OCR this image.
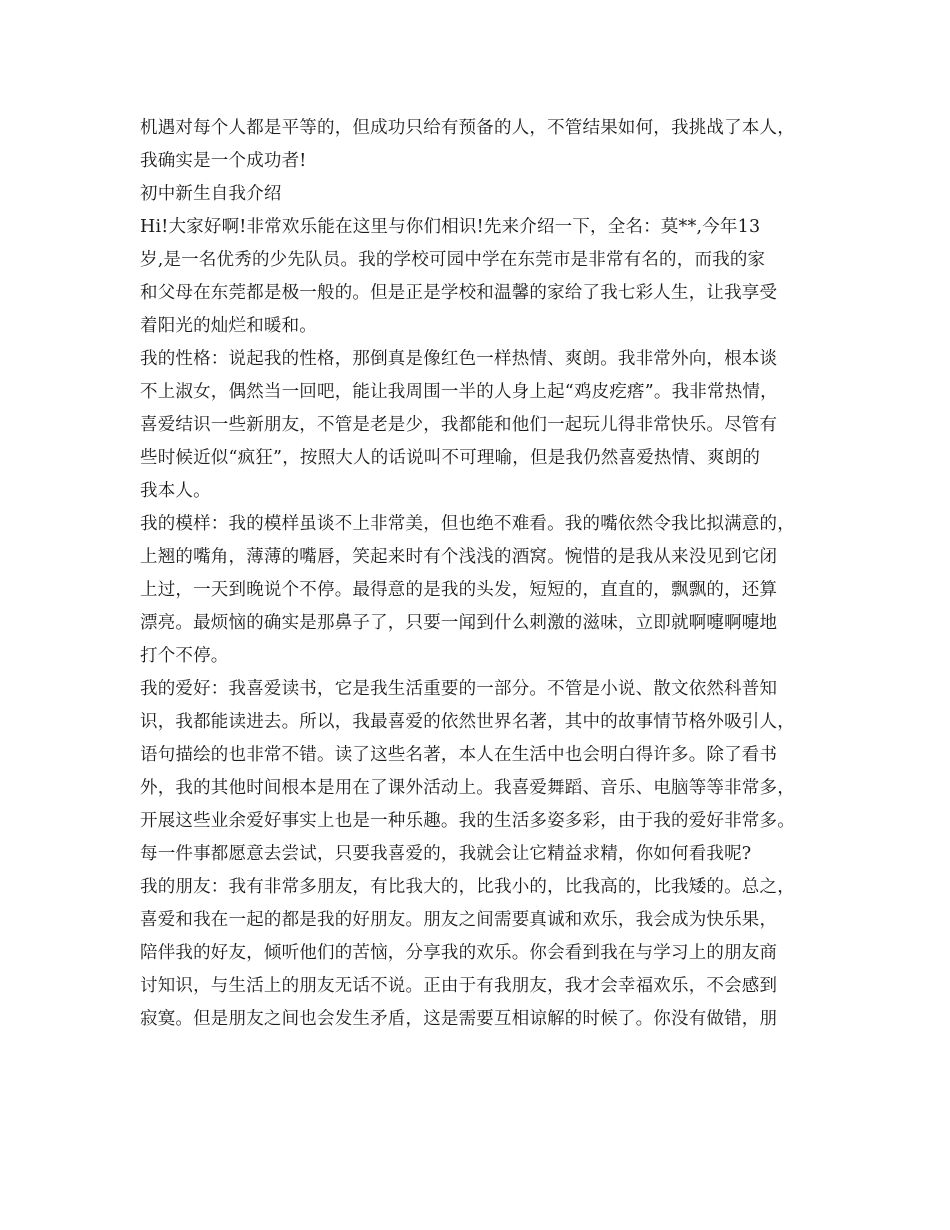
机遇对每个人都是平等的，但成功只给有预备的人，不管结果如何，我挑战了本人，
我确实是一个成功者!
初中新生自我介绍
Hi!大家好啊!非常欢乐能在这里与你们相识!先来介绍一下，全名：莫**,今年13
岁,是一名优秀的少先队员。我的学校可园中学在东莞市是非常有名的，而我的家
和父母在东莞都是极一般的。但是正是学校和温馨的家给了我七彩人生，让我享受
着阳光的灿烂和暖和。
我的性格：说起我的性格，那倒真是像红色一样热情、爽朗。我非常外向，根本谈
不上淑女，偶然当一回吧，能让我周围一半的人身上起“鸡皮疙瘩”。我非常热情，
喜爱结识一些新朋友，不管是老是少，我都能和他们一起玩儿得非常快乐。尽管有
些时候近似“疯狂”，按照大人的话说叫不可理喻，但是我仍然喜爱热情、爽朗的
我本人。
我的模样：我的模样虽谈不上非常美，但也绝不难看。我的嘴依然令我比拟满意的，
上翘的嘴角，薄薄的嘴唇，笑起来时有个浅浅的酒窝。惋惜的是我从来没见到它闭
上过，一天到晚说个不停。最得意的是我的头发，短短的，直直的，飘飘的，还算
漂亮。最烦恼的确实是那鼻子了，只要一闻到什么刺激的滋味，立即就啊嚏啊嚏地
打个不停。
我的爱好：我喜爱读书，它是我生活重要的一部分。不管是小说、散文依然科普知
识，我都能读进去。所以，我最喜爱的依然世界名著，其中的故事情节格外吸引人，
语句描绘的也非常不错。读了这些名著，本人在生活中也会明白得许多。除了看书
外，我的其他时间根本是用在了课外活动上。我喜爱舞蹈、音乐、电脑等等非常多，
开展这些业余爱好事实上也是一种乐趣。我的生活多姿多彩，由于我的爱好非常多。
每一件事都愿意去尝试，只要我喜爱的，我就会让它精益求精，你如何看我呢?
我的朋友：我有非常多朋友，有比我大的，比我小的，比我高的，比我矮的。总之，
喜爱和我在一起的都是我的好朋友。朋友之间需要真诚和欢乐，我会成为快乐果，
陪伴我的好友，倾听他们的苦恼，分享我的欢乐。你会看到我在与学习上的朋友商
讨知识，与生活上的朋友无话不说。正由于有我朋友，我才会幸福欢乐，不会感到
寂寞。但是朋友之间也会发生矛盾，这是需要互相谅解的时候了。你没有做错，朋
